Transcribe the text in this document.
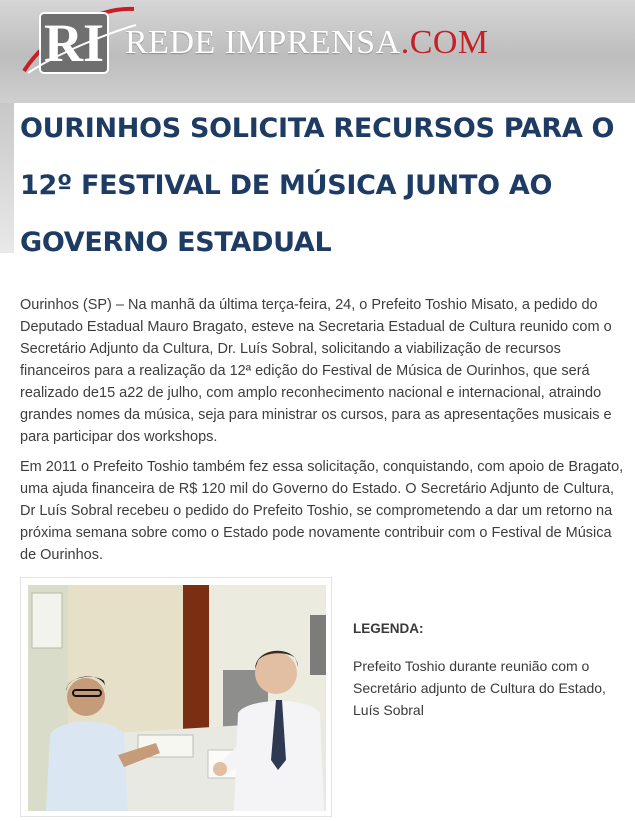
RI REDE IMPRENSA.COM
OURINHOS SOLICITA RECURSOS PARA O 12º FESTIVAL DE MÚSICA JUNTO AO GOVERNO ESTADUAL

Ourinhos (SP) – Na manhã da última terça-feira, 24, o Prefeito Toshio Misato, a pedido do Deputado Estadual Mauro Bragato, esteve na Secretaria Estadual de Cultura reunido com o Secretário Adjunto da Cultura, Dr. Luís Sobral, solicitando a viabilização de recursos financeiros para a realização da 12ª edição do Festival de Música de Ourinhos, que será realizado de15 a22 de julho, com amplo reconhecimento nacional e internacional, atraindo grandes nomes da música, seja para ministrar os cursos, para as apresentações musicais e para participar dos workshops.

Em 2011 o Prefeito Toshio também fez essa solicitação, conquistando, com apoio de Bragato, uma ajuda financeira de R$ 120 mil do Governo do Estado. O Secretário Adjunto de Cultura, Dr Luís Sobral recebeu o pedido do Prefeito Toshio, se comprometendo a dar um retorno na próxima semana sobre como o Estado pode novamente contribuir com o Festival de Música de Ourinhos.

LEGENDA:

Prefeito Toshio durante reunião com o Secretário adjunto de Cultura do Estado, Luís Sobral
